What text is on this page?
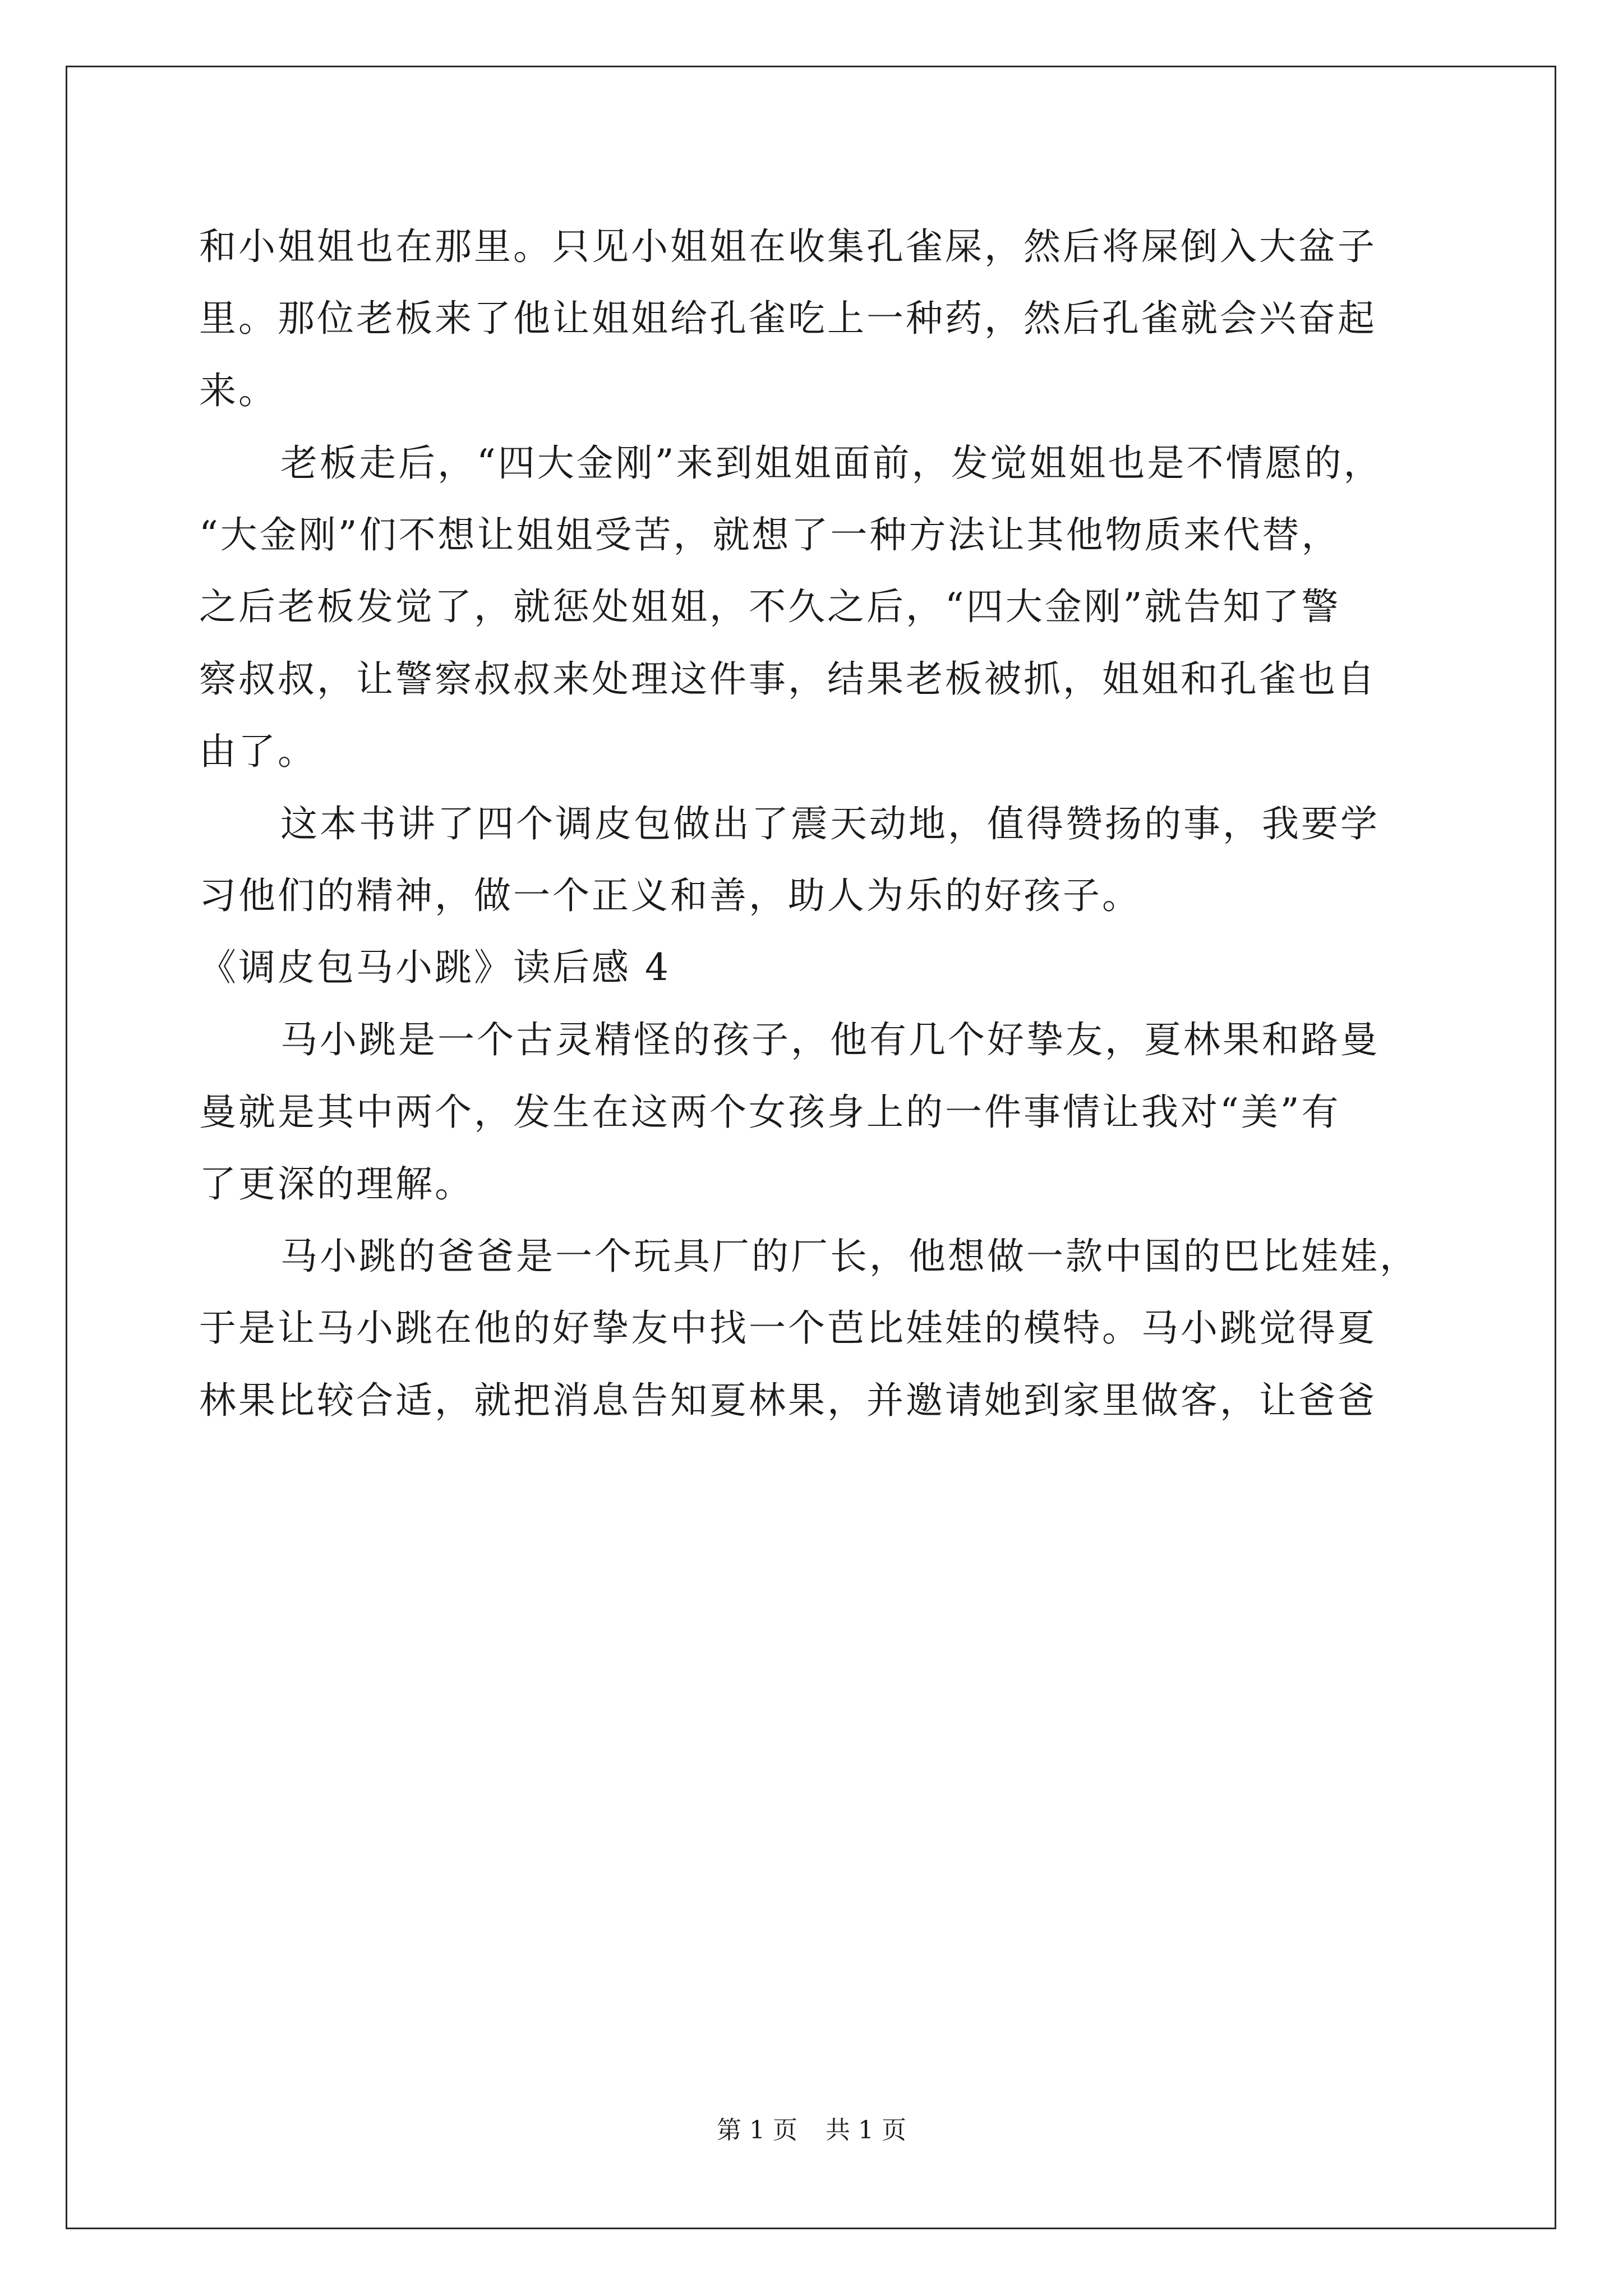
和小姐姐也在那里。只见小姐姐在收集孔雀屎，然后将屎倒入大盆子
里。那位老板来了他让姐姐给孔雀吃上一种药，然后孔雀就会兴奋起
来。
老板走后，“四大金刚”来到姐姐面前，发觉姐姐也是不情愿的，
“大金刚”们不想让姐姐受苦，就想了一种方法让其他物质来代替，
之后老板发觉了，就惩处姐姐，不久之后，“四大金刚”就告知了警
察叔叔，让警察叔叔来处理这件事，结果老板被抓，姐姐和孔雀也自
由了。
这本书讲了四个调皮包做出了震天动地，值得赞扬的事，我要学
习他们的精神，做一个正义和善，助人为乐的好孩子。
《调皮包马小跳》读后感 4
马小跳是一个古灵精怪的孩子，他有几个好挚友，夏林果和路曼
曼就是其中两个，发生在这两个女孩身上的一件事情让我对“美”有
了更深的理解。
马小跳的爸爸是一个玩具厂的厂长，他想做一款中国的巴比娃娃，
于是让马小跳在他的好挚友中找一个芭比娃娃的模特。马小跳觉得夏
林果比较合适，就把消息告知夏林果，并邀请她到家里做客，让爸爸
第 1 页 共 1 页
